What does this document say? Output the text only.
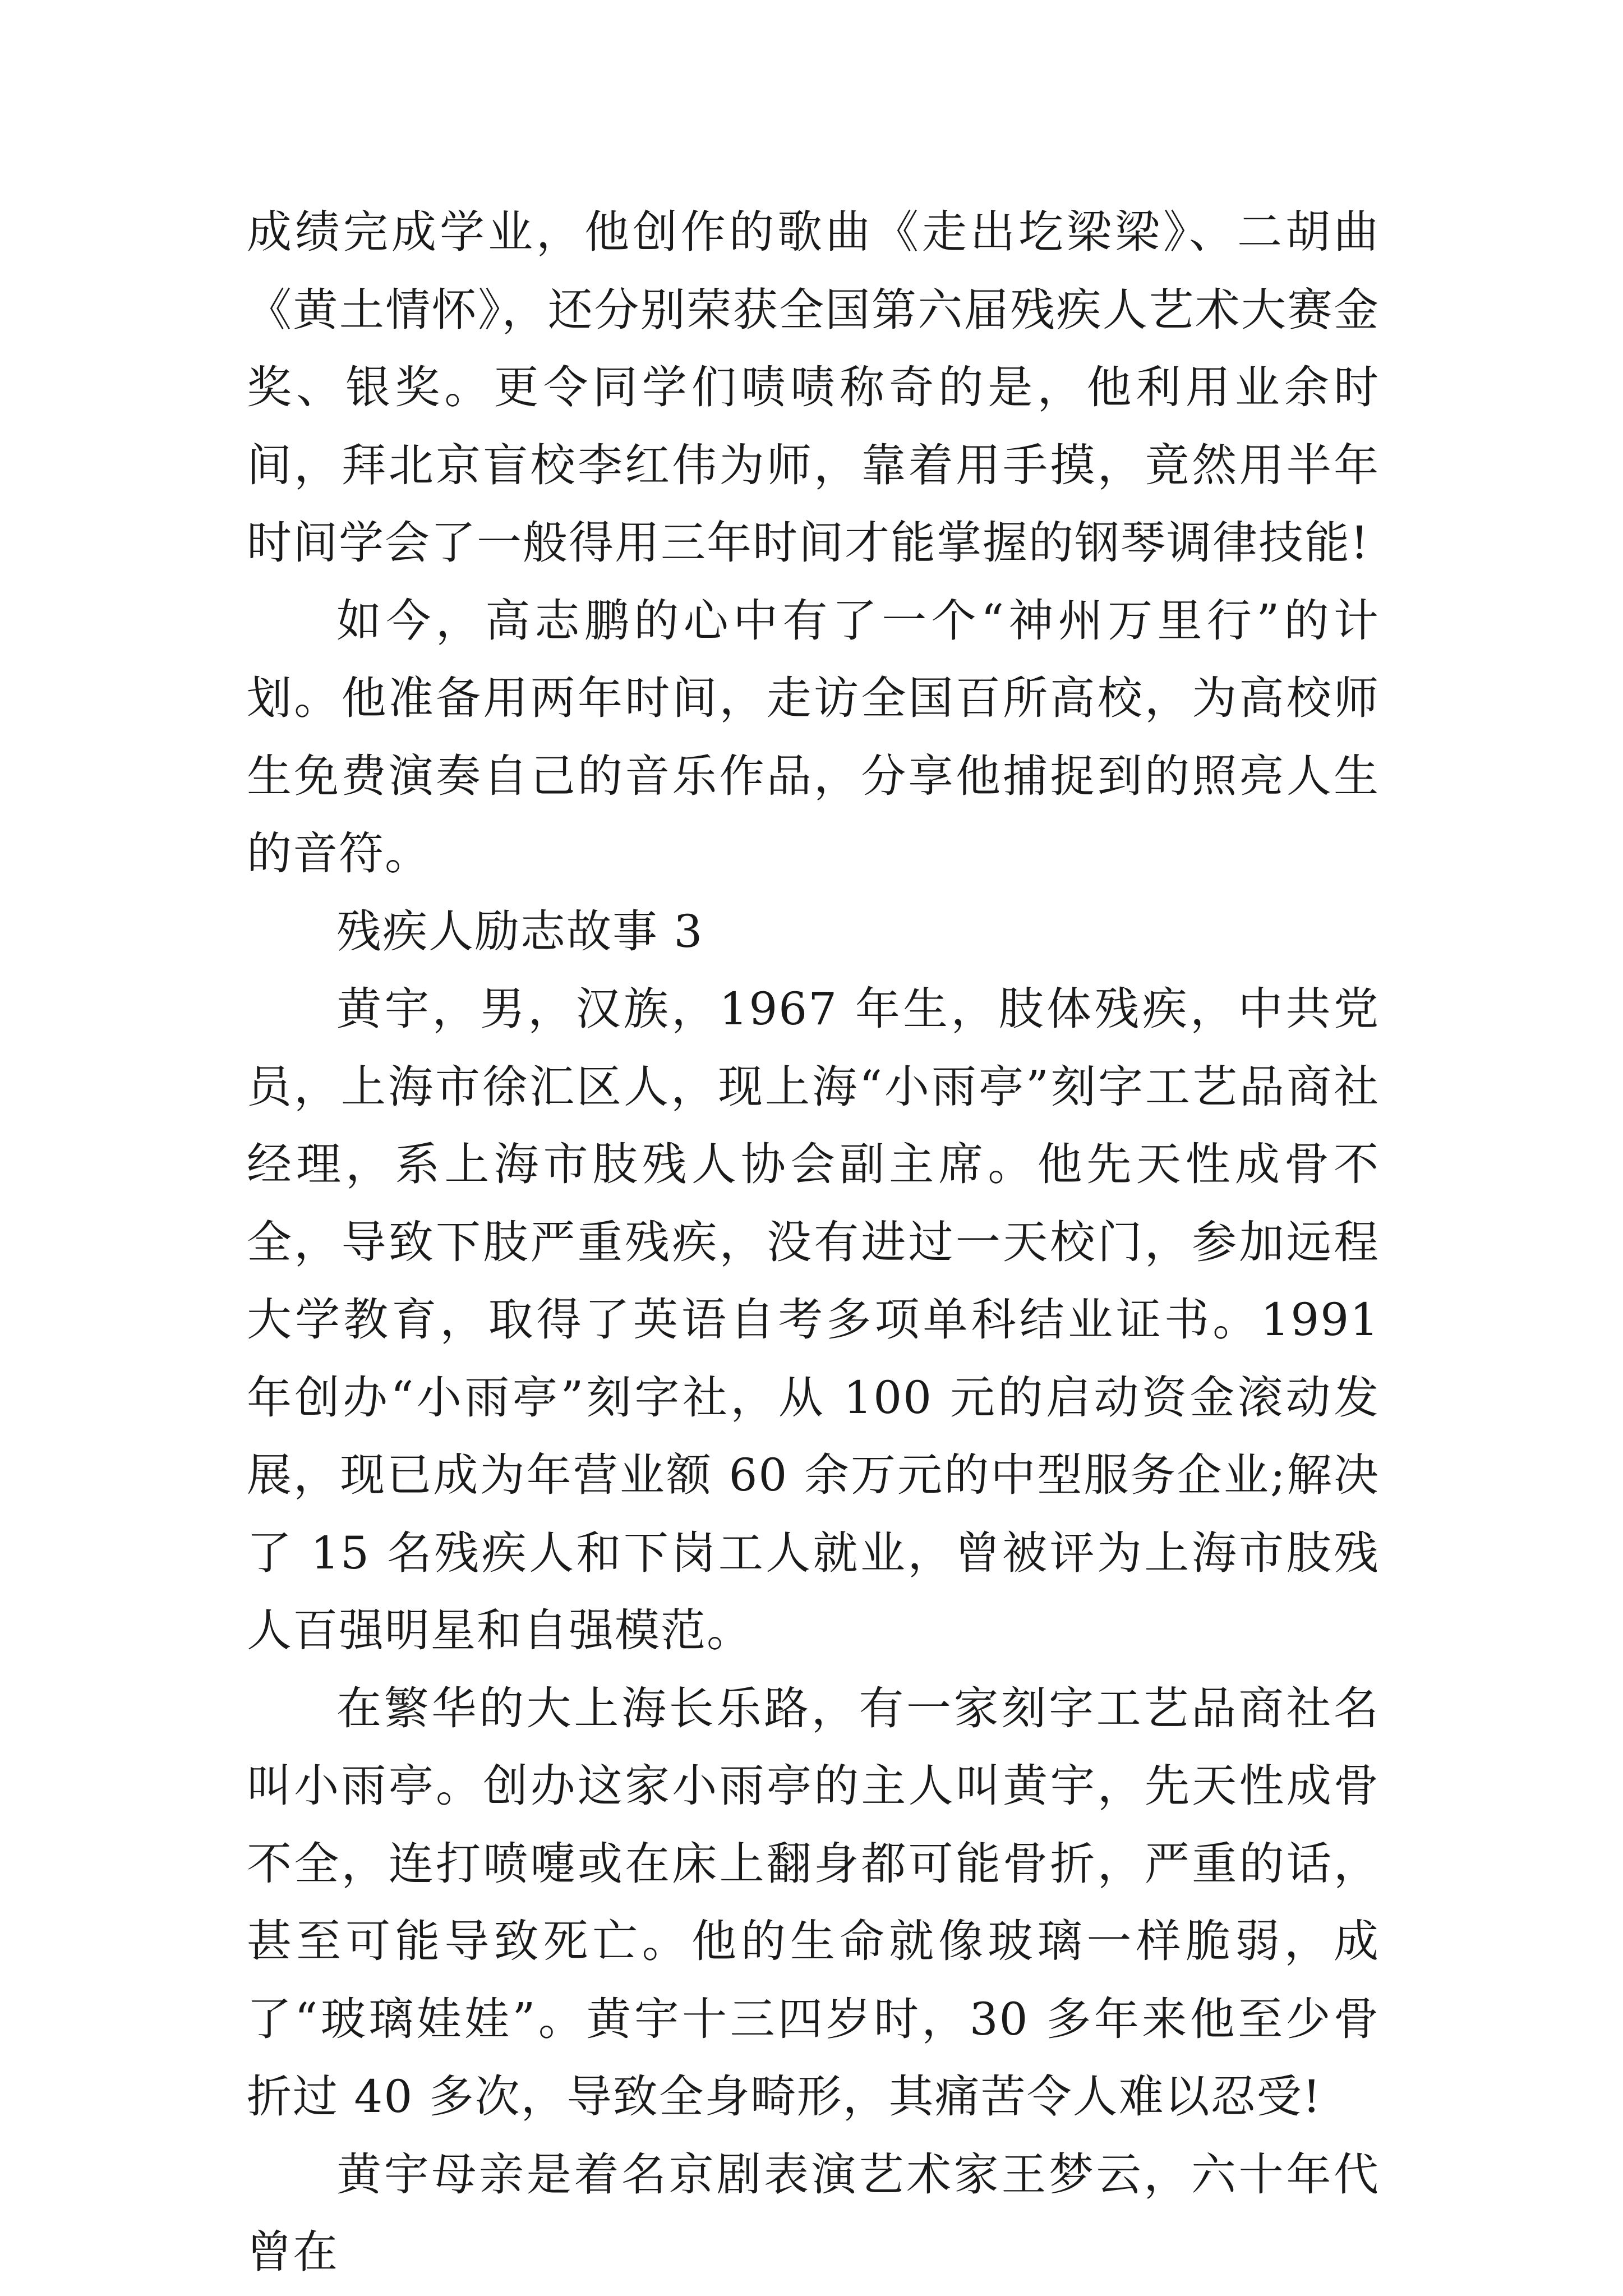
成绩完成学业，他创作的歌曲《走出圪梁梁》、二胡曲《黄土情怀》，还分别荣获全国第六届残疾人艺术大赛金奖、银奖。更令同学们啧啧称奇的是，他利用业余时间，拜北京盲校李红伟为师，靠着用手摸，竟然用半年时间学会了一般得用三年时间才能掌握的钢琴调律技能!

如今，高志鹏的心中有了一个“神州万里行”的计划。他准备用两年时间，走访全国百所高校，为高校师生免费演奏自己的音乐作品，分享他捕捉到的照亮人生的音符。

残疾人励志故事 3

黄宇，男，汉族，1967 年生，肢体残疾，中共党员，上海市徐汇区人，现上海“小雨亭”刻字工艺品商社经理，系上海市肢残人协会副主席。他先天性成骨不全，导致下肢严重残疾，没有进过一天校门，参加远程大学教育，取得了英语自考多项单科结业证书。1991 年创办“小雨亭”刻字社，从 100 元的启动资金滚动发展，现已成为年营业额 60 余万元的中型服务企业;解决了 15 名残疾人和下岗工人就业，曾被评为上海市肢残人百强明星和自强模范。

在繁华的大上海长乐路，有一家刻字工艺品商社名叫小雨亭。创办这家小雨亭的主人叫黄宇，先天性成骨不全，连打喷嚏或在床上翻身都可能骨折，严重的话，甚至可能导致死亡。他的生命就像玻璃一样脆弱，成了“玻璃娃娃”。黄宇十三四岁时，30 多年来他至少骨折过 40 多次，导致全身畸形，其痛苦令人难以忍受!

黄宇母亲是着名京剧表演艺术家王梦云，六十年代曾在
